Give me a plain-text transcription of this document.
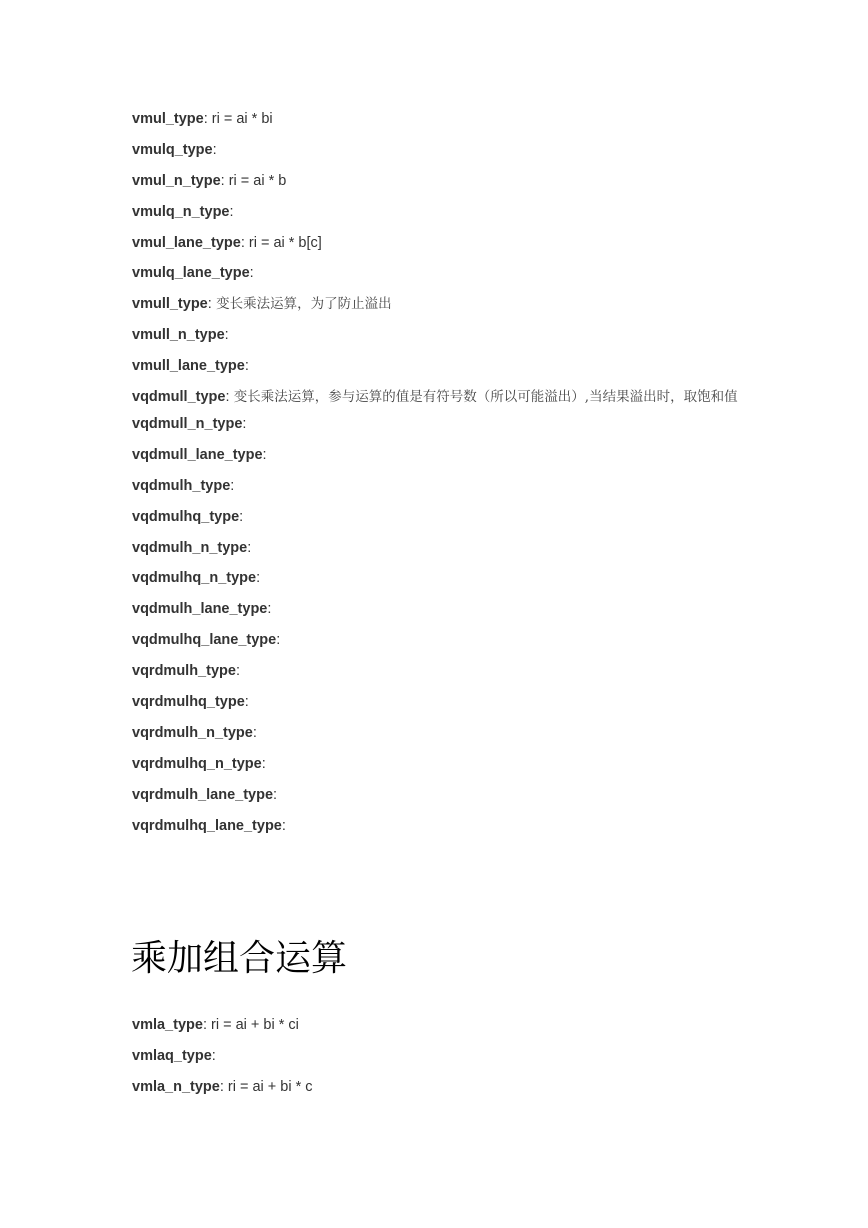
vmul_type: ri = ai * bi

vmulq_type:

vmul_n_type: ri = ai * b

vmulq_n_type:

vmul_lane_type: ri = ai * b[c]

vmulq_lane_type:

vmull_type: 变长乘法运算，为了防止溢出

vmull_n_type:

vmull_lane_type:

vqdmull_type: 变长乘法运算，参与运算的值是有符号数（所以可能溢出）,当结果溢出时，取饱和值

vqdmull_n_type:

vqdmull_lane_type:

vqdmulh_type:

vqdmulhq_type:

vqdmulh_n_type:

vqdmulhq_n_type:

vqdmulh_lane_type:

vqdmulhq_lane_type:

vqrdmulh_type:

vqrdmulhq_type:

vqrdmulh_n_type:

vqrdmulhq_n_type:

vqrdmulh_lane_type:

vqrdmulhq_lane_type:

乘加组合运算

vmla_type: ri = ai + bi * ci

vmlaq_type:

vmla_n_type: ri = ai + bi * c
